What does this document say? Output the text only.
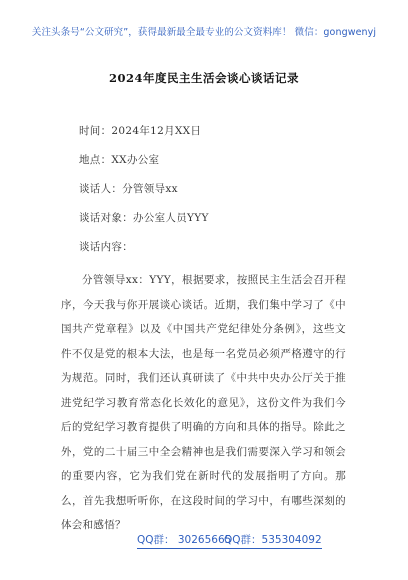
关注头条号“公文研究”，获得最新最全最专业的公文资料库！ 微信：gongwenyj
2024年度民主生活会谈心谈话记录
时间：2024年12月XX日
地点：XX办公室
谈话人：分管领导xx
谈话对象：办公室人员YYY
谈话内容：
分管领导xx：YYY，根据要求，按照民主生活会召开程序，今天我与你开展谈心谈话。近期，我们集中学习了《中国共产党章程》以及《中国共产党纪律处分条例》，这些文件不仅是党的根本大法，也是每一名党员必须严格遵守的行为规范。同时，我们还认真研读了《中共中央办公厅关于推进党纪学习教育常态化长效化的意见》，这份文件为我们今后的党纪学习教育提供了明确的方向和具体的指导。除此之外，党的二十届三中全会精神也是我们需要深入学习和领会的重要内容，它为我们党在新时代的发展指明了方向。那么，首先我想听听你，在这段时间的学习中，有哪些深刻的体会和感悟？
QQ群： 30265665
QQ群：535304092
